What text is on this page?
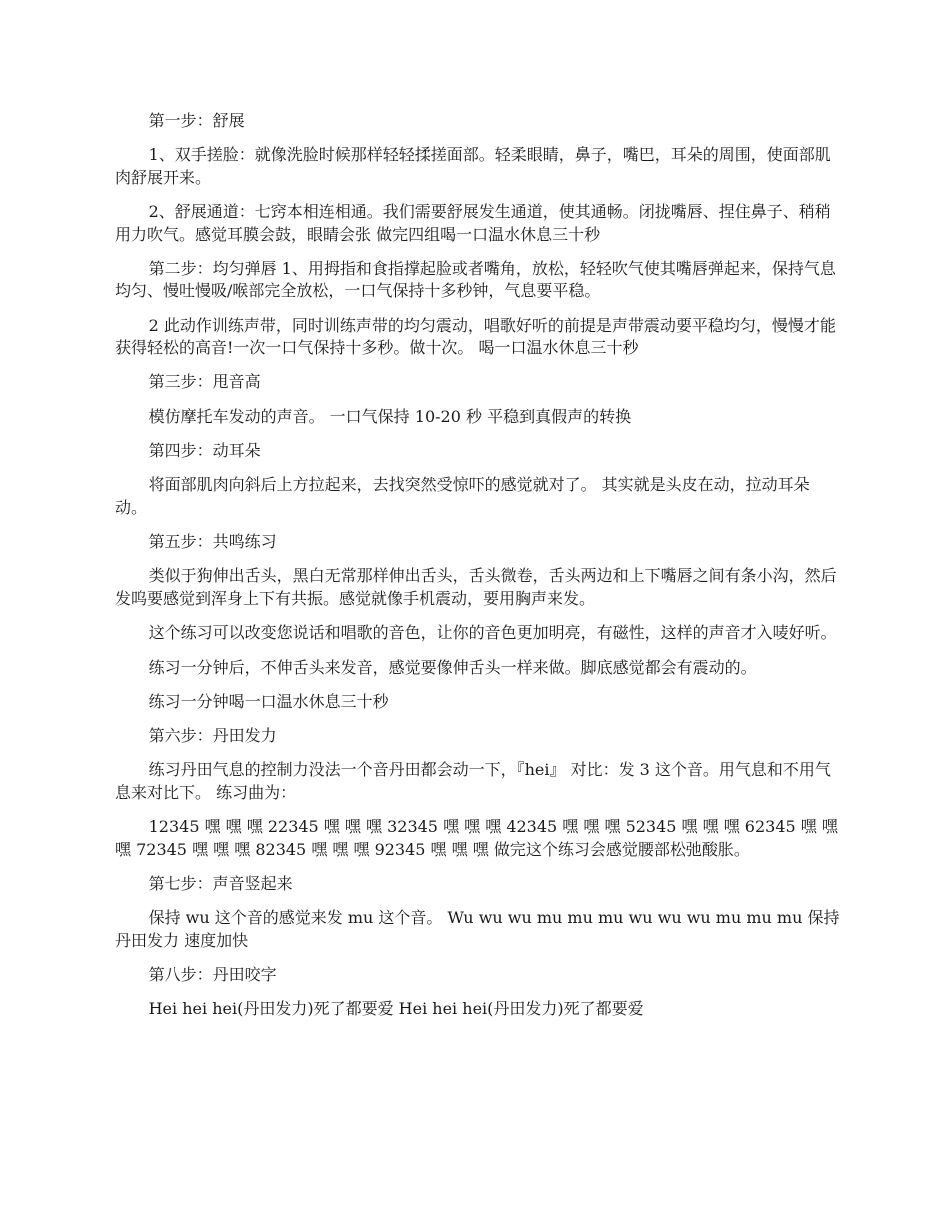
第一步：舒展

1、双手搓脸：就像洗脸时候那样轻轻揉搓面部。轻柔眼睛，鼻子，嘴巴，耳朵的周围，使面部肌肉舒展开来。

2、舒展通道：七窍本相连相通。我们需要舒展发生通道，使其通畅。闭拢嘴唇、捏住鼻子、稍稍用力吹气。感觉耳膜会鼓，眼睛会张 做完四组喝一口温水休息三十秒

第二步：均匀弹唇 1、用拇指和食指撑起脸或者嘴角，放松，轻轻吹气使其嘴唇弹起来，保持气息均匀、慢吐慢吸/喉部完全放松，一口气保持十多秒钟，气息要平稳。

2 此动作训练声带，同时训练声带的均匀震动，唱歌好听的前提是声带震动要平稳均匀，慢慢才能获得轻松的高音!一次一口气保持十多秒。做十次。 喝一口温水休息三十秒

第三步：甩音高

模仿摩托车发动的声音。 一口气保持 10-20 秒 平稳到真假声的转换

第四步：动耳朵

将面部肌肉向斜后上方拉起来，去找突然受惊吓的感觉就对了。 其实就是头皮在动，拉动耳朵动。

第五步：共鸣练习

类似于狗伸出舌头，黑白无常那样伸出舌头，舌头微卷，舌头两边和上下嘴唇之间有条小沟，然后发呜要感觉到浑身上下有共振。感觉就像手机震动，要用胸声来发。

这个练习可以改变您说话和唱歌的音色，让你的音色更加明亮，有磁性，这样的声音才入唛好听。

练习一分钟后，不伸舌头来发音，感觉要像伸舌头一样来做。脚底感觉都会有震动的。

练习一分钟喝一口温水休息三十秒

第六步：丹田发力

练习丹田气息的控制力没法一个音丹田都会动一下，『hei』 对比：发 3 这个音。用气息和不用气息来对比下。 练习曲为：

12345 嘿 嘿 嘿 22345 嘿 嘿 嘿 32345 嘿 嘿 嘿 42345 嘿 嘿 嘿 52345 嘿 嘿 嘿 62345 嘿 嘿 嘿 72345 嘿 嘿 嘿 82345 嘿 嘿 嘿 92345 嘿 嘿 嘿 做完这个练习会感觉腰部松弛酸胀。

第七步：声音竖起来

保持 wu 这个音的感觉来发 mu 这个音。 Wu wu wu mu mu mu wu wu wu mu mu mu 保持丹田发力 速度加快

第八步：丹田咬字

Hei hei hei(丹田发力)死了都要爱 Hei hei hei(丹田发力)死了都要爱
